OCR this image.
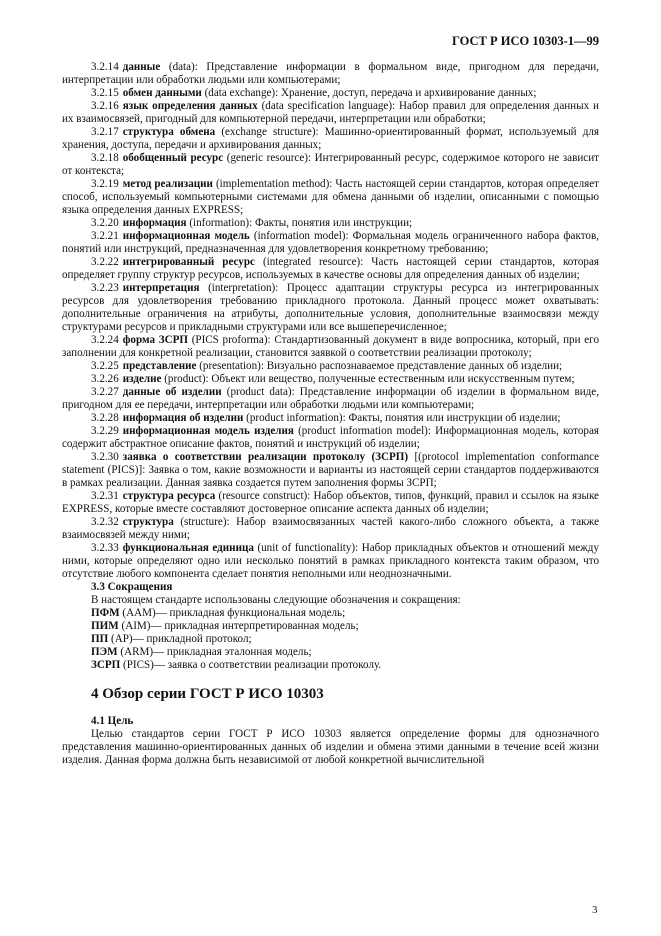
ГОСТ Р ИСО 10303-1—99

3.2.14 данные (data): Представление информации в формальном виде, пригодном для передачи, интерпретации или обработки людьми или компьютерами;

3.2.15 обмен данными (data exchange): Хранение, доступ, передача и архивирование данных;

3.2.16 язык определения данных (data specification language): Набор правил для определения данных и их взаимосвязей, пригодный для компьютерной передачи, интерпретации или обработки;

3.2.17 структура обмена (exchange structure): Машинно-ориентированный формат, используемый для хранения, доступа, передачи и архивирования данных;

3.2.18 обобщенный ресурс (generic resource): Интегрированный ресурс, содержимое которого не зависит от контекста;

3.2.19 метод реализации (implementation method): Часть настоящей серии стандартов, которая определяет способ, используемый компьютерными системами для обмена данными об изделии, описанными с помощью языка определения данных EXPRESS;

3.2.20 информация (information): Факты, понятия или инструкции;

3.2.21 информационная модель (information model): Формальная модель ограниченного набора фактов, понятий или инструкций, предназначенная для удовлетворения конкретному требованию;

3.2.22 интегрированный ресурс (integrated resource): Часть настоящей серии стандартов, которая определяет группу структур ресурсов, используемых в качестве основы для определения данных об изделии;

3.2.23 интерпретация (interpretation): Процесс адаптации структуры ресурса из интегрированных ресурсов для удовлетворения требованию прикладного протокола. Данный процесс может охватывать: дополнительные ограничения на атрибуты, дополнительные условия, дополнительные взаимосвязи между структурами ресурсов и прикладными структурами или все вышеперечисленное;

3.2.24 форма ЗСРП (PICS proforma): Стандартизованный документ в виде вопросника, который, при его заполнении для конкретной реализации, становится заявкой о соответствии реализации протоколу;

3.2.25 представление (presentation): Визуально распознаваемое представление данных об изделии;

3.2.26 изделие (product): Объект или вещество, полученные естественным или искусственным путем;

3.2.27 данные об изделии (product data): Представление информации об изделии в формальном виде, пригодном для ее передачи, интерпретации или обработки людьми или компьютерами;

3.2.28 информация об изделии (product information): Факты, понятия или инструкции об изделии;

3.2.29 информационная модель изделия (product information model): Информационная модель, которая содержит абстрактное описание фактов, понятий и инструкций об изделии;

3.2.30 заявка о соответствии реализации протоколу (ЗСРП) [(protocol implementation conformance statement (PICS)]: Заявка о том, какие возможности и варианты из настоящей серии стандартов поддерживаются в рамках реализации. Данная заявка создается путем заполнения формы ЗСРП;

3.2.31 структура ресурса (resource construct): Набор объектов, типов, функций, правил и ссылок на языке EXPRESS, которые вместе составляют достоверное описание аспекта данных об изделии;

3.2.32 структура (structure): Набор взаимосвязанных частей какого-либо сложного объекта, а также взаимосвязей между ними;

3.2.33 функциональная единица (unit of functionality): Набор прикладных объектов и отношений между ними, которые определяют одно или несколько понятий в рамках прикладного контекста таким образом, что отсутствие любого компонента сделает понятия неполными или неоднозначными.

3.3 Сокращения

В настоящем стандарте использованы следующие обозначения и сокращения:

ПФМ (AAM)— прикладная функциональная модель;
ПИМ (AIM)— прикладная интерпретированная модель;
ПП (AP)— прикладной протокол;
ПЭМ (ARM)— прикладная эталонная модель;
ЗСРП (PICS)— заявка о соответствии реализации протоколу.
4 Обзор серии ГОСТ Р ИСО 10303
4.1 Цель

Целью стандартов серии ГОСТ Р ИСО 10303 является определение формы для однозначного представления машинно-ориентированных данных об изделии и обмена этими данными в течение всей жизни изделия. Данная форма должна быть независимой от любой конкретной вычислительной

3
